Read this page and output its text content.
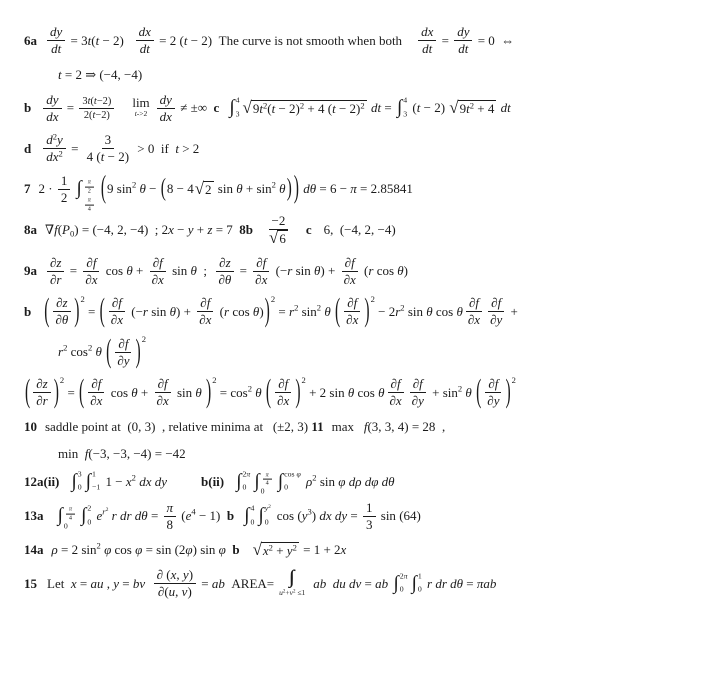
$6a \frac{dy}{dt} = 3t(t - 2) \frac{dx}{dt} = 2$ (t − 2) The curve is not smooth when both $\frac{dx}{dt} = \frac{dy}{dt} = 0$  ⇔
t = 2 ⇒ (−4, −4)
b $\frac{dy}{dx} = \frac{3t(t-2)}{2(t-2)}$ lim
$t->2 \frac{dy}{dx}$ ≠ ±∞ c ∫ 4
3 √ 9t2(t − 2)2 + 4 (t − 2)2 dt = ∫ 4
3 (t − 2) √ 9t2 + 4 dt
d $\frac{d2y}{dx2} = \frac{3}{4 (t - 2)} > 0$ if t > 2
7 $2 \cdot \frac{1}{2}$ ∫ $\frac{\pi}{2}$
$\frac{\pi}{4}$ ( 9 sin 2 θ − ( 8 − 4 √ 2
sin θ + sin 2 θ ) ) dθ = 6 − π = 2.85841
8a ∇f(P 0 ) = (−4, 2, −4)  ; 2x − y + z = 7 $8b \frac{-2}{√ 6}$ c 6,  (−4, 2, −4)
$9a \frac{\partial z}{\partial r} = \frac{\partial f}{\partial x}$
$\cos \theta + \frac{\partial f}{\partial x}$
sin θ  ; $\frac{\partial z}{\partial\theta} = \frac{\partial f}{\partial x} (-r$ $\sin \theta) + \frac{\partial f}{\partial x} (r$ cos θ)
b ( $\frac{\partial z}{\partial\theta}$ ) 2
= ( $\frac{\partial f}{\partial x} (-r$ $\sin \theta) + \frac{\partial f}{\partial x} (r$ cos θ) ) 2
= r 2
sin 2 θ ( $\frac{\partial f}{\partial x}$ ) 2
− 2r 2
sin θ cos θ $\frac{\partial f}{\partial x} \frac{\partial f}{\partial y}$ +
r 2
cos 2 θ ( $\frac{\partial f}{\partial y}$ ) 2
( $\frac{\partial z}{\partial r}$ ) 2
= ( $\frac{\partial f}{\partial x}$
$\cos \theta + \frac{\partial f}{\partial x}$
sin θ ) 2
= cos 2 θ ( $\frac{\partial f}{\partial x}$ ) 2
+ 2 sin θ cos θ $\frac{\partial f}{\partial x} \frac{\partial f}{\partial y} + \sin 2$ θ ( $\frac{\partial f}{\partial y}$ ) 2
10 saddle point at (0, 3) , relative minima at (±2, 3) 11 max f(3, 3, 4) = 28 ,
min f(−3, −3, −4) = −42
12a(ii) ∫ 3
0 ∫ 1
−1 1 − x 2 dx dy	b(ii) ∫ 2π
0 ∫ $\frac{\pi}{4}$
0 ∫ cos φ
0	ρ 2
sin φ dρ dφ dθ
13a ∫ $\frac{\pi}{4}$
0 ∫ 2
0 e r2 r dr $d\theta = \frac{\pi}{8} (e$ 4 − 1) b ∫ 4
0 ∫ y2
0 cos (y 3 ) dx dy = $\frac{1}{3}$
sin (64)
14a ρ = 2 sin 2 φ cos φ = sin (2φ) sin φ b √ x2 + y2 = 1 + 2x
15 Let x = au , y = bv $\frac{\partial (x, y)}{\partial(u, v)}$ = ab AREA=
u2+v2 ≤1
ab du dv = ab ∫ 2π
0 ∫ 1
0 r dr dθ = πab
